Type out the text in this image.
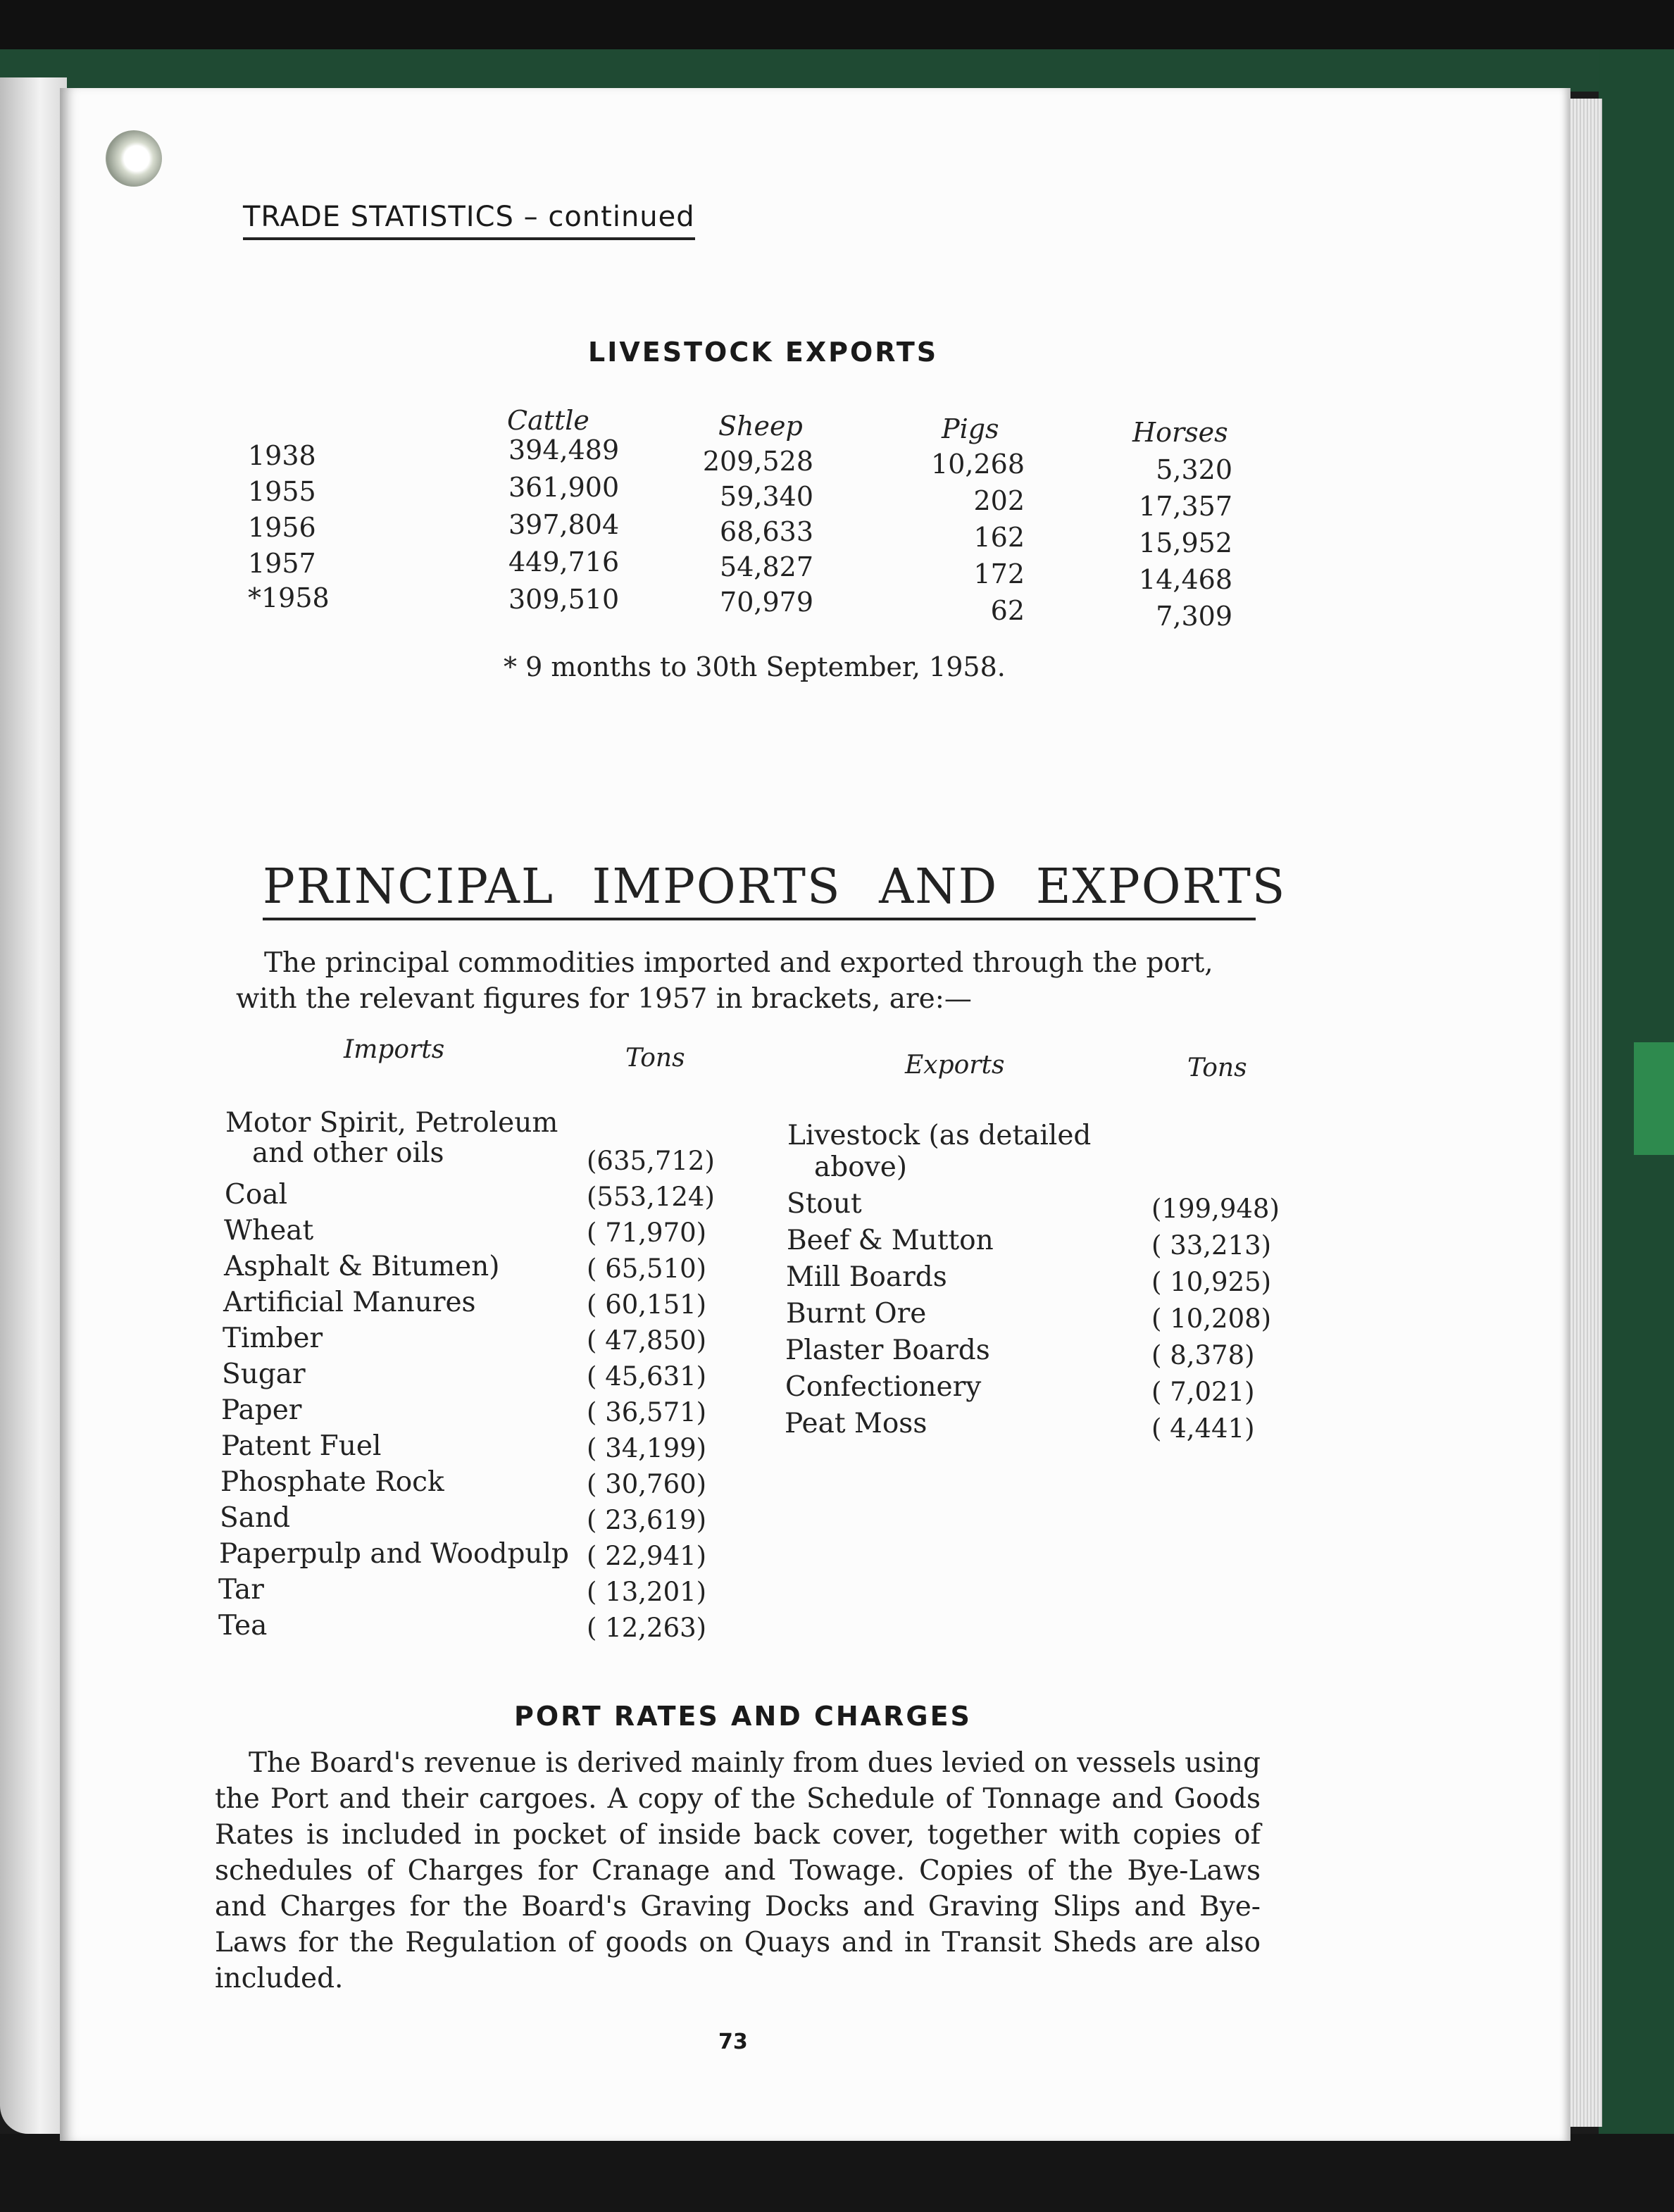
TRADE STATISTICS – continued
LIVESTOCK EXPORTS
Cattle	Sheep	Pigs	Horses
1938	394,489	209,528	10,268	5,320
1955	361,900	59,340	202	17,357
1956	397,804	68,633	162	15,952
1957	449,716	54,827	172	14,468
*1958	309,510	70,979	62	7,309
* 9 months to 30th September, 1958.
PRINCIPAL IMPORTS AND EXPORTS
The principal commodities imported and exported through the port, with the relevant figures for 1957 in brackets, are:—
Imports	Tons	Exports	Tons
Motor Spirit, Petroleum
and other oils	(635,712)
Coal	(553,124)
Wheat	( 71,970)
Asphalt & Bitumen)	( 65,510)
Artificial Manures	( 60,151)
Timber	( 47,850)
Sugar	( 45,631)
Paper	( 36,571)
Patent Fuel	( 34,199)
Phosphate Rock	( 30,760)
Sand	( 23,619)
Paperpulp and Woodpulp ( 22,941)
Tar	( 13,201)
Tea	( 12,263)
Livestock (as detailed
above)
Stout	(199,948)
Beef & Mutton	( 33,213)
Mill Boards	( 10,925)
Burnt Ore	( 10,208)
Plaster Boards	( 8,378)
Confectionery	( 7,021)
Peat Moss	( 4,441)
PORT RATES AND CHARGES
The Board's revenue is derived mainly from dues levied on vessels using the Port and their cargoes. A copy of the Schedule of Tonnage and Goods Rates is included in pocket of inside back cover, together with copies of schedules of Charges for Cranage and Towage. Copies of the Bye-Laws and Charges for the Board's Graving Docks and Graving Slips and Bye-Laws for the Regulation of goods on Quays and in Transit Sheds are also included.
73
